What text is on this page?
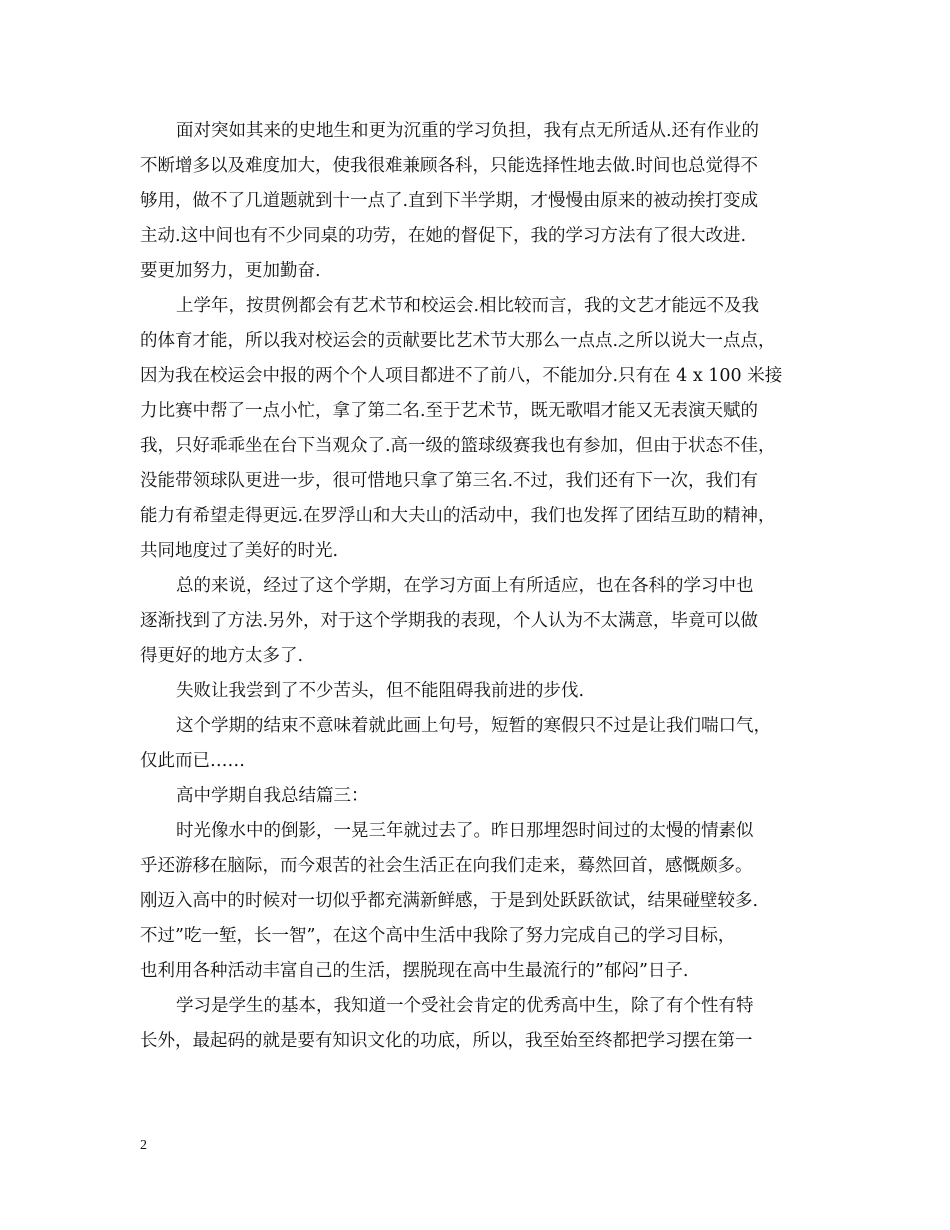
面对突如其来的史地生和更为沉重的学习负担，我有点无所适从.还有作业的
不断增多以及难度加大，使我很难兼顾各科，只能选择性地去做.时间也总觉得不
够用，做不了几道题就到十一点了.直到下半学期，才慢慢由原来的被动挨打变成
主动.这中间也有不少同桌的功劳，在她的督促下，我的学习方法有了很大改进.
要更加努力，更加勤奋.
上学年，按贯例都会有艺术节和校运会.相比较而言，我的文艺才能远不及我
的体育才能，所以我对校运会的贡献要比艺术节大那么一点点.之所以说大一点点，
因为我在校运会中报的两个个人项目都进不了前八，不能加分.只有在 4 x 100 米接
力比赛中帮了一点小忙，拿了第二名.至于艺术节，既无歌唱才能又无表演天赋的
我，只好乖乖坐在台下当观众了.高一级的篮球级赛我也有参加，但由于状态不佳，
没能带领球队更进一步，很可惜地只拿了第三名.不过，我们还有下一次，我们有
能力有希望走得更远.在罗浮山和大夫山的活动中，我们也发挥了团结互助的精神，
共同地度过了美好的时光.
总的来说，经过了这个学期，在学习方面上有所适应，也在各科的学习中也
逐渐找到了方法.另外，对于这个学期我的表现，个人认为不太满意，毕竟可以做
得更好的地方太多了.
失败让我尝到了不少苦头，但不能阻碍我前进的步伐.
这个学期的结束不意味着就此画上句号，短暂的寒假只不过是让我们喘口气，
仅此而已……
高中学期自我总结篇三：
时光像水中的倒影，一晃三年就过去了。昨日那埋怨时间过的太慢的情素似
乎还游移在脑际，而今艰苦的社会生活正在向我们走来，蓦然回首，感慨颇多。
刚迈入高中的时候对一切似乎都充满新鲜感，于是到处跃跃欲试，结果碰壁较多.
不过”吃一堑，长一智”，在这个高中生活中我除了努力完成自己的学习目标，
也利用各种活动丰富自己的生活，摆脱现在高中生最流行的”郁闷”日子.
学习是学生的基本，我知道一个受社会肯定的优秀高中生，除了有个性有特
长外，最起码的就是要有知识文化的功底，所以，我至始至终都把学习摆在第一
2
